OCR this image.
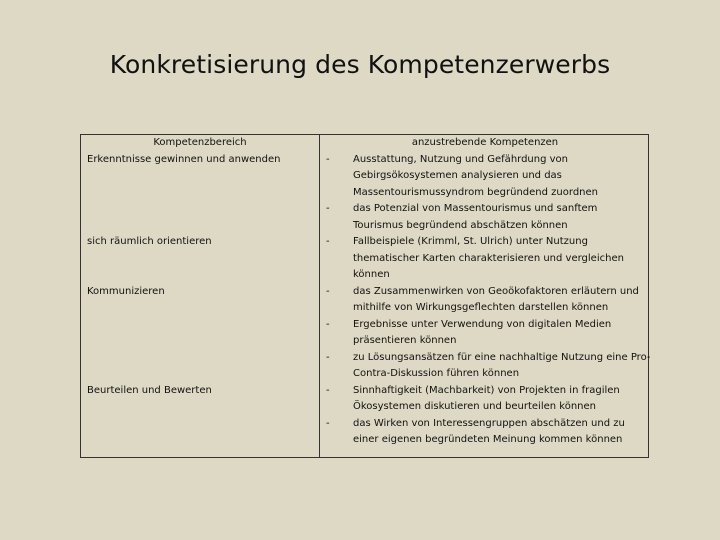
Konkretisierung des Kompetenzerwerbs
Kompetenzbereich	anzustrebende Kompetenzen
Erkenntnisse gewinnen und anwenden
sich räumlich orientieren
Kommunizieren
Beurteilen und Bewerten
-
-
-
-
-
-
-
-
Ausstattung, Nutzung und Gefährdung von
Gebirgsökosystemen analysieren und das
Massentourismussyndrom begründend zuordnen
das Potenzial von Massentourismus und sanftem
Tourismus begründend abschätzen können
Fallbeispiele (Krimml, St. Ulrich) unter Nutzung
thematischer Karten charakterisieren und vergleichen
können
das Zusammenwirken von Geoökofaktoren erläutern und
mithilfe von Wirkungsgeflechten darstellen können
Ergebnisse unter Verwendung von digitalen Medien
präsentieren können
zu Lösungsansätzen für eine nachhaltige Nutzung eine Pro-
Contra-Diskussion führen können
Sinnhaftigkeit (Machbarkeit) von Projekten in fragilen
Ökosystemen diskutieren und beurteilen können
das Wirken von Interessengruppen abschätzen und zu
einer eigenen begründeten Meinung kommen können
